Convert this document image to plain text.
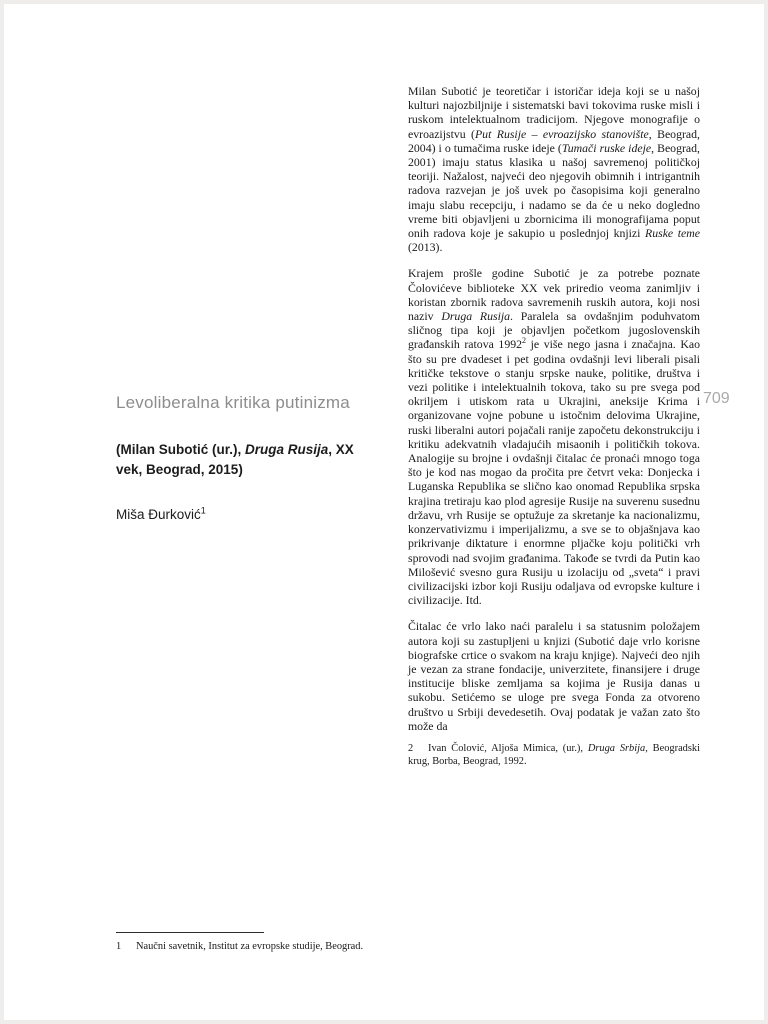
Levoliberalna kritika putinizma
(Milan Subotić (ur.), Druga Rusija, XX vek, Beograd, 2015)
Miša Đurković$^1$
709

Milan Subotić je teoretičar i istoričar ideja koji se u našoj kulturi najozbiljnije i sistematski bavi tokovima ruske misli i ruskom intelektualnom tradicijom. Njegove monografije o evroazijstvu (Put Rusije – evroazijsko stanovište, Beograd, 2004) i o tumačima ruske ideje (Tumači ruske ideje, Beograd, 2001) imaju status klasika u našoj savremenoj političkoj teoriji. Nažalost, najveći deo njegovih obimnih i intrigantnih radova razvejan je još uvek po časopisima koji generalno imaju slabu recepciju, i nadamo se da će u neko dogledno vreme biti objavljeni u zbornicima ili monografijama poput onih radova koje je sakupio u poslednjoj knjizi Ruske teme (2013).

Krajem prošle godine Subotić je za potrebe poznate Čolovićeve biblioteke XX vek priredio veoma zanimljiv i koristan zbornik radova savremenih ruskih autora, koji nosi naziv Druga Rusija. Paralela sa ovdašnjim poduhvatom sličnog tipa koji je objavljen početkom jugoslovenskih građanskih ratova 1992$^2$ je više nego jasna i značajna. Kao što su pre dvadeset i pet godina ovdašnji levi liberali pisali kritičke tekstove o stanju srpske nauke, politike, društva i vezi politike i intelektualnih tokova, tako su pre svega pod okriljem i utiskom rata u Ukrajini, aneksije Krima i organizovane vojne pobune u istočnim delovima Ukrajine, ruski liberalni autori pojačali ranije započetu dekonstrukciju i kritiku adekvatnih vladajućih misaonih i političkih tokova. Analogije su brojne i ovdašnji čitalac će pronaći mnogo toga što je kod nas mogao da pročita pre četvrt veka: Donjecka i Luganska Republika se slično kao onomad Republika srpska krajina tretiraju kao plod agresije Rusije na suverenu susednu državu, vrh Rusije se optužuje za skretanje ka nacionalizmu, konzervativizmu i imperijalizmu, a sve se to objašnjava kao prikrivanje diktature i enormne pljačke koju politički vrh sprovodi nad svojim građanima. Takođe se tvrdi da Putin kao Milošević svesno gura Rusiju u izolaciju od „sveta“ i pravi civilizacijski izbor koji Rusiju odaljava od evropske kulture i civilizacije. Itd.

Čitalac će vrlo lako naći paralelu i sa statusnim položajem autora koji su zastupljeni u knjizi (Subotić daje vrlo korisne biografske crtice o svakom na kraju knjige). Najveći deo njih je vezan za strane fondacije, univerzitete, finansijere i druge institucije bliske zemljama sa kojima je Rusija danas u sukobu. Setićemo se uloge pre svega Fonda za otvoreno društvo u Srbiji devedesetih. Ovaj podatak je važan zato što može da

2 Ivan Čolović, Aljoša Mimica, (ur.), Druga Srbija, Beogradski krug, Borba, Beograd, 1992.
1 Naučni savetnik, Institut za evropske studije, Beograd.
